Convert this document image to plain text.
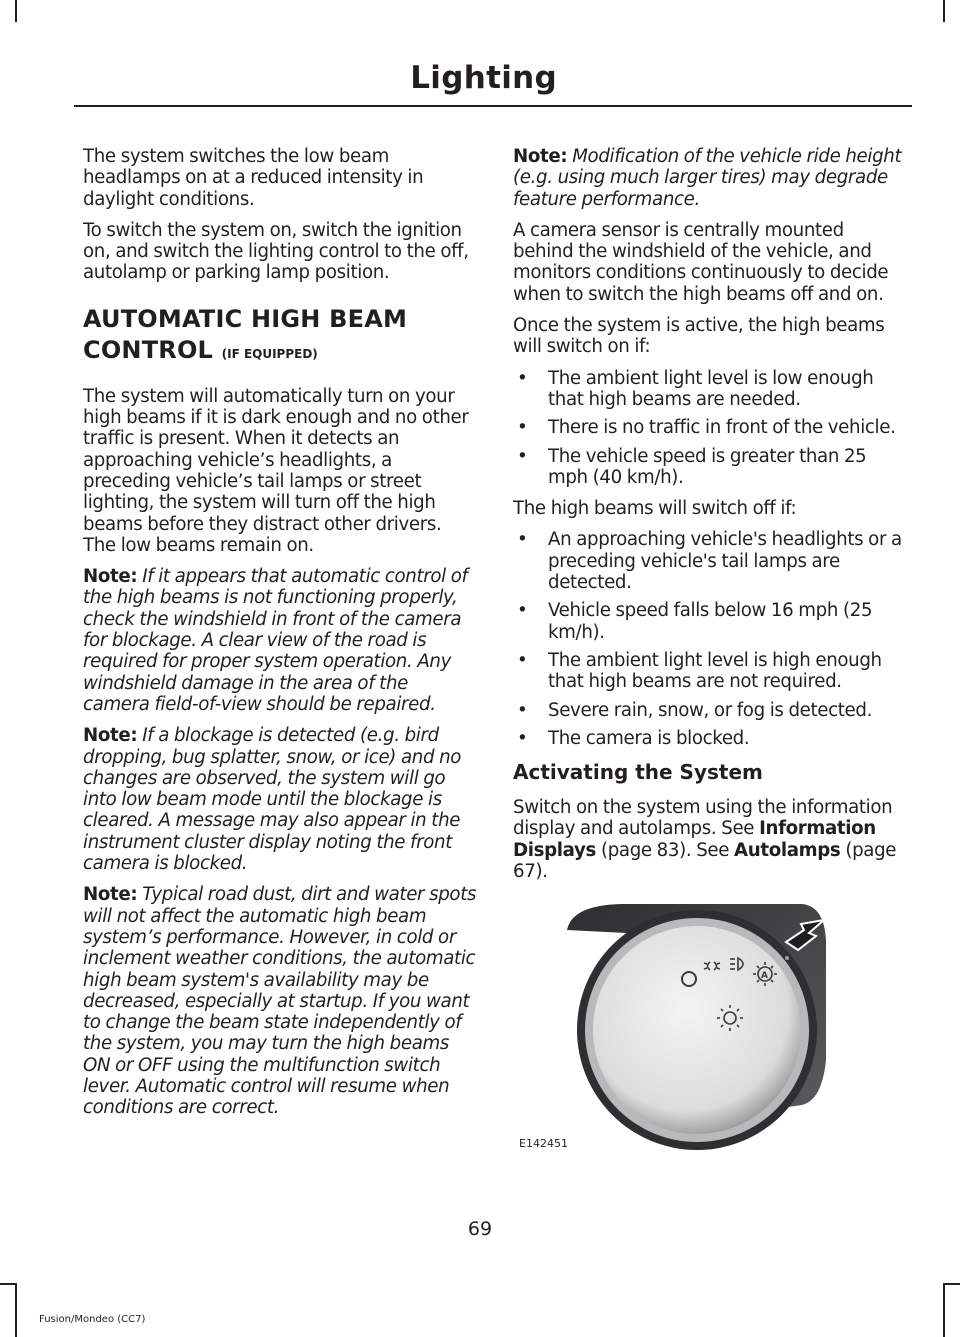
Lighting

The system switches the low beam headlamps on at a reduced intensity in daylight conditions.

To switch the system on, switch the ignition on, and switch the lighting control to the off, autolamp or parking lamp position.

AUTOMATIC HIGH BEAM CONTROL (IF EQUIPPED)

The system will automatically turn on your high beams if it is dark enough and no other traffic is present. When it detects an approaching vehicle’s headlights, a preceding vehicle’s tail lamps or street lighting, the system will turn off the high beams before they distract other drivers. The low beams remain on.

Note: If it appears that automatic control of the high beams is not functioning properly, check the windshield in front of the camera for blockage. A clear view of the road is required for proper system operation. Any windshield damage in the area of the camera field-of-view should be repaired.

Note: If a blockage is detected (e.g. bird dropping, bug splatter, snow, or ice) and no changes are observed, the system will go into low beam mode until the blockage is cleared. A message may also appear in the instrument cluster display noting the front camera is blocked.

Note: Typical road dust, dirt and water spots will not affect the automatic high beam system’s performance. However, in cold or inclement weather conditions, the automatic high beam system's availability may be decreased, especially at startup. If you want to change the beam state independently of the system, you may turn the high beams ON or OFF using the multifunction switch lever. Automatic control will resume when conditions are correct.

Note: Modification of the vehicle ride height (e.g. using much larger tires) may degrade feature performance.

A camera sensor is centrally mounted behind the windshield of the vehicle, and monitors conditions continuously to decide when to switch the high beams off and on.

Once the system is active, the high beams will switch on if:

• The ambient light level is low enough that high beams are needed.
• There is no traffic in front of the vehicle.
• The vehicle speed is greater than 25 mph (40 km/h).

The high beams will switch off if:

• An approaching vehicle's headlights or a preceding vehicle's tail lamps are detected.
• Vehicle speed falls below 16 mph (25 km/h).
• The ambient light level is high enough that high beams are not required.
• Severe rain, snow, or fog is detected.
• The camera is blocked.
Activating the System

Switch on the system using the information display and autolamps. See Information Displays (page 83). See Autolamps (page 67).

A
E142451
69
Fusion/Mondeo (CC7)
